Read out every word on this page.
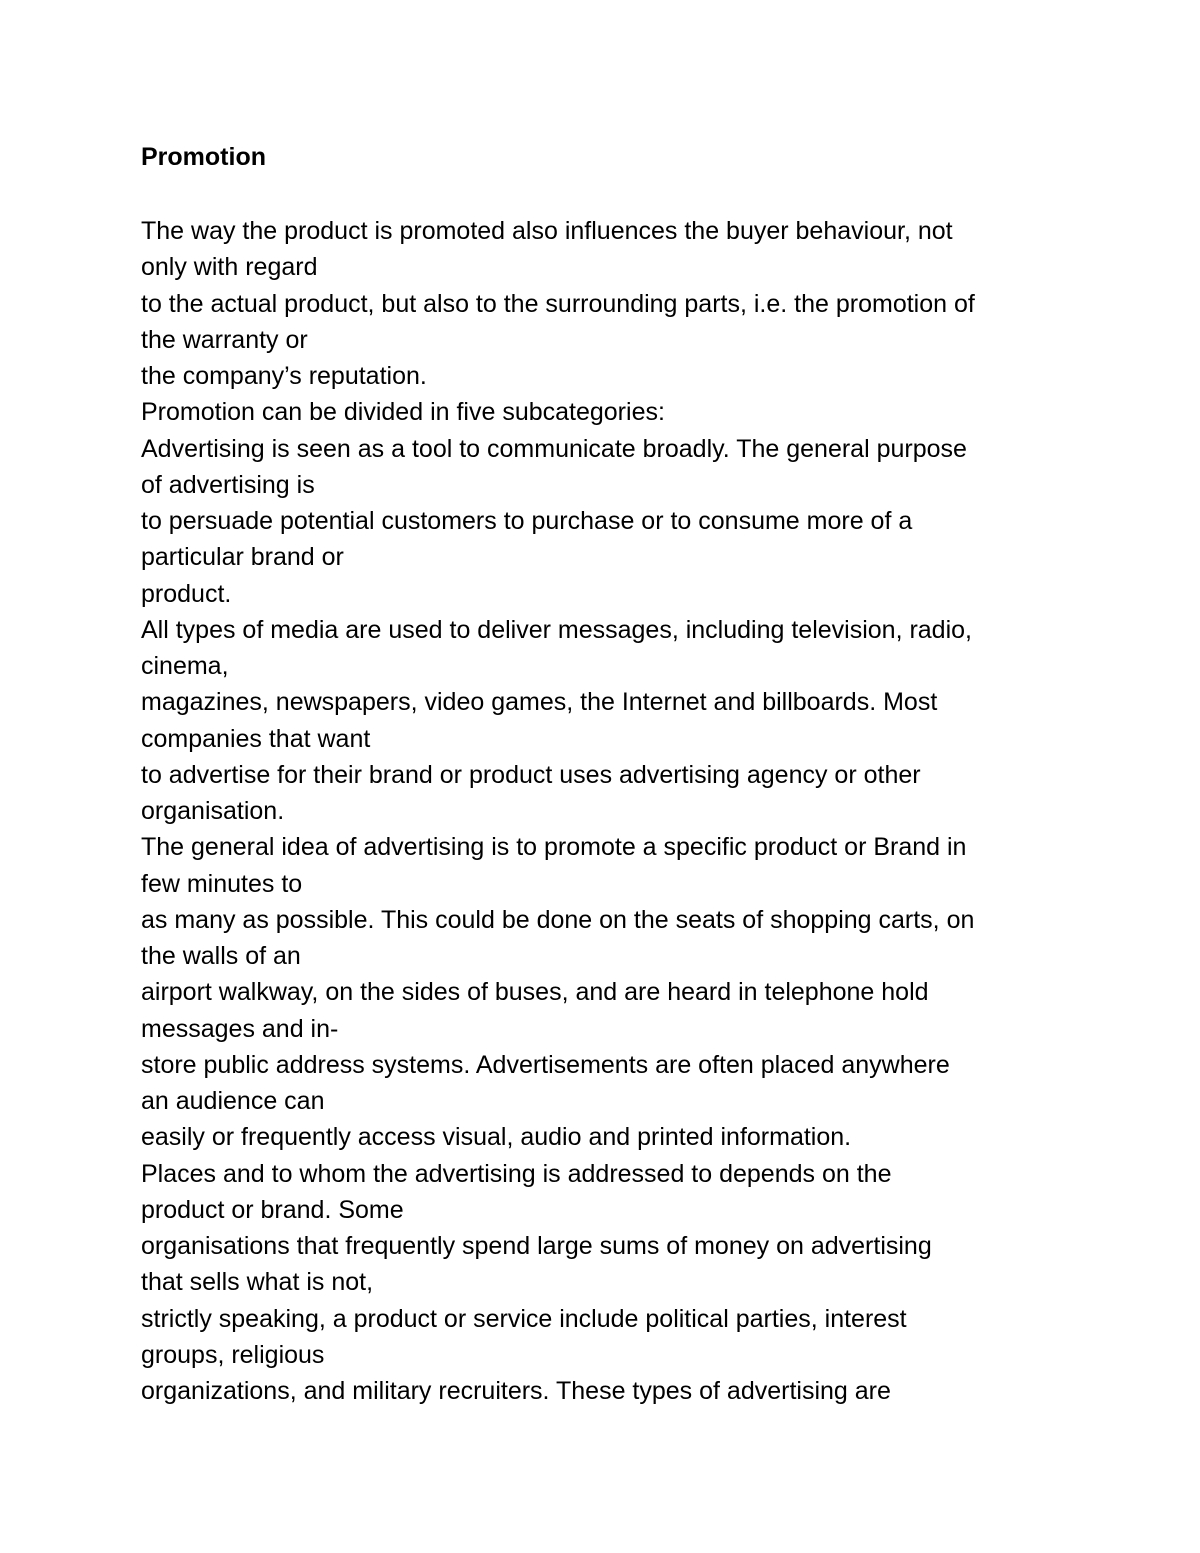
Promotion
The way the product is promoted also influences the buyer behaviour, not
only with regard
to the actual product, but also to the surrounding parts, i.e. the promotion of
the warranty or
the company’s reputation.
Promotion can be divided in five subcategories:
Advertising is seen as a tool to communicate broadly. The general purpose
of advertising is
to persuade potential customers to purchase or to consume more of a
particular brand or
product.
All types of media are used to deliver messages, including television, radio,
cinema,
magazines, newspapers, video games, the Internet and billboards. Most
companies that want
to advertise for their brand or product uses advertising agency or other
organisation.
The general idea of advertising is to promote a specific product or Brand in
few minutes to
as many as possible. This could be done on the seats of shopping carts, on
the walls of an
airport walkway, on the sides of buses, and are heard in telephone hold
messages and in-
store public address systems. Advertisements are often placed anywhere
an audience can
easily or frequently access visual, audio and printed information.
Places and to whom the advertising is addressed to depends on the
product or brand. Some
organisations that frequently spend large sums of money on advertising
that sells what is not,
strictly speaking, a product or service include political parties, interest
groups, religious
organizations, and military recruiters. These types of advertising are
